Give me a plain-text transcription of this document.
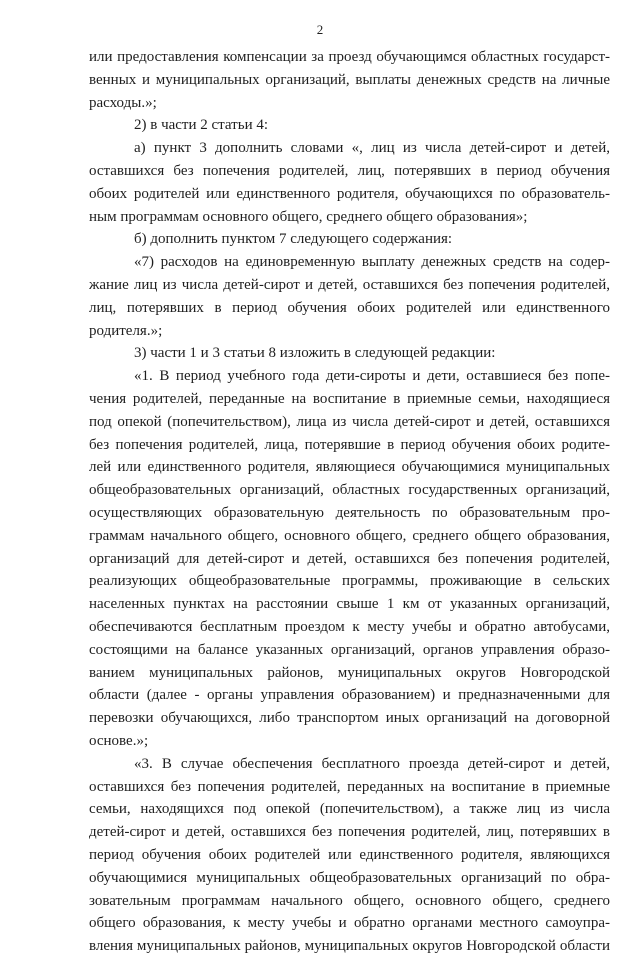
2
или предоставления компенсации за проезд обучающимся областных государст-
венных и муниципальных организаций, выплаты денежных средств на личные
расходы.»;
2) в части 2 статьи 4:
а) пункт 3 дополнить словами «, лиц из числа детей-сирот и детей,
оставшихся без попечения родителей, лиц, потерявших в период обучения
обоих родителей или единственного родителя, обучающихся по образователь-
ным программам основного общего, среднего общего образования»;
б) дополнить пунктом 7 следующего содержания:
«7) расходов на единовременную выплату денежных средств на содер-
жание лиц из числа детей-сирот и детей, оставшихся без попечения родителей,
лиц, потерявших в период обучения обоих родителей или единственного
родителя.»;
3) части 1 и 3 статьи 8 изложить в следующей редакции:
«1. В период учебного года дети-сироты и дети, оставшиеся без попе-
чения родителей, переданные на воспитание в приемные семьи, находящиеся
под опекой (попечительством), лица из числа детей-сирот и детей, оставшихся
без попечения родителей, лица, потерявшие в период обучения обоих родите-
лей или единственного родителя, являющиеся обучающимися муниципальных
общеобразовательных организаций, областных государственных организаций,
осуществляющих образовательную деятельность по образовательным про-
граммам начального общего, основного общего, среднего общего образования,
организаций для детей-сирот и детей, оставшихся без попечения родителей,
реализующих общеобразовательные программы, проживающие в сельских
населенных пунктах на расстоянии свыше 1 км от указанных организаций,
обеспечиваются бесплатным проездом к месту учебы и обратно автобусами,
состоящими на балансе указанных организаций, органов управления образо-
ванием муниципальных районов, муниципальных округов Новгородской
области (далее - органы управления образованием) и предназначенными для
перевозки обучающихся, либо транспортом иных организаций на договорной
основе.»;
«3. В случае обеспечения бесплатного проезда детей-сирот и детей,
оставшихся без попечения родителей, переданных на воспитание в приемные
семьи, находящихся под опекой (попечительством), а также лиц из числа
детей-сирот и детей, оставшихся без попечения родителей, лиц, потерявших в
период обучения обоих родителей или единственного родителя, являющихся
обучающимися муниципальных общеобразовательных организаций по обра-
зовательным программам начального общего, основного общего, среднего
общего образования, к месту учебы и обратно органами местного самоупра-
вления муниципальных районов, муниципальных округов Новгородской области
